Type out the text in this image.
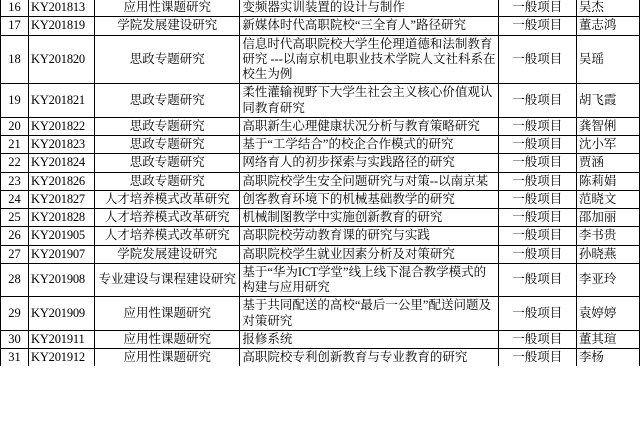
16	KY201813	应用性课题研究	变频器实训装置的设计与制作	一般项目	吴杰
17	KY201819	学院发展建设研究	新媒体时代高职院校“三全育人”路径研究	一般项目	董志鸿
18	KY201820	思政专题研究	信息时代高职院校大学生伦理道德和法制教育研究 ---以南京机电职业技术学院人文社科系在校生为例	一般项目	吴瑶
19	KY201821	思政专题研究	柔性灌输视野下大学生社会主义核心价值观认同教育研究	一般项目	胡飞霞
20	KY201822	思政专题研究	高职新生心理健康状况分析与教育策略研究	一般项目	龚智俐
21	KY201823	思政专题研究	基于“工学结合”的校企合作模式的研究	一般项目	沈小军
22	KY201824	思政专题研究	网络育人的初步探索与实践路径的研究	一般项目	贾涵
23	KY201826	思政专题研究	高职院校学生安全问题研究与对策--以南京某	一般项目	陈莉娟
24	KY201827	人才培养模式改革研究	创客教育环境下的机械基础教学的研究	一般项目	范晓文
25	KY201828	人才培养模式改革研究	机械制图教学中实施创新教育的研究	一般项目	邵加丽
26	KY201905	人才培养模式改革研究	高职院校劳动教育课的研究与实践	一般项目	李书贵
27	KY201907	学院发展建设研究	高职院校学生就业因素分析及对策研究	一般项目	孙晓燕
28	KY201908	专业建设与课程建设研究	基于“华为ICT学堂”线上线下混合教学模式的构建与应用研究	一般项目	李亚玲
29	KY201909	应用性课题研究	基于共同配送的高校“最后一公里”配送问题及对策研究	一般项目	袁婷婷
30	KY201911	应用性课题研究	报修系统	一般项目	董其瑄
31	KY201912	应用性课题研究	高职院校专利创新教育与专业教育的研究	一般项目	李杨
